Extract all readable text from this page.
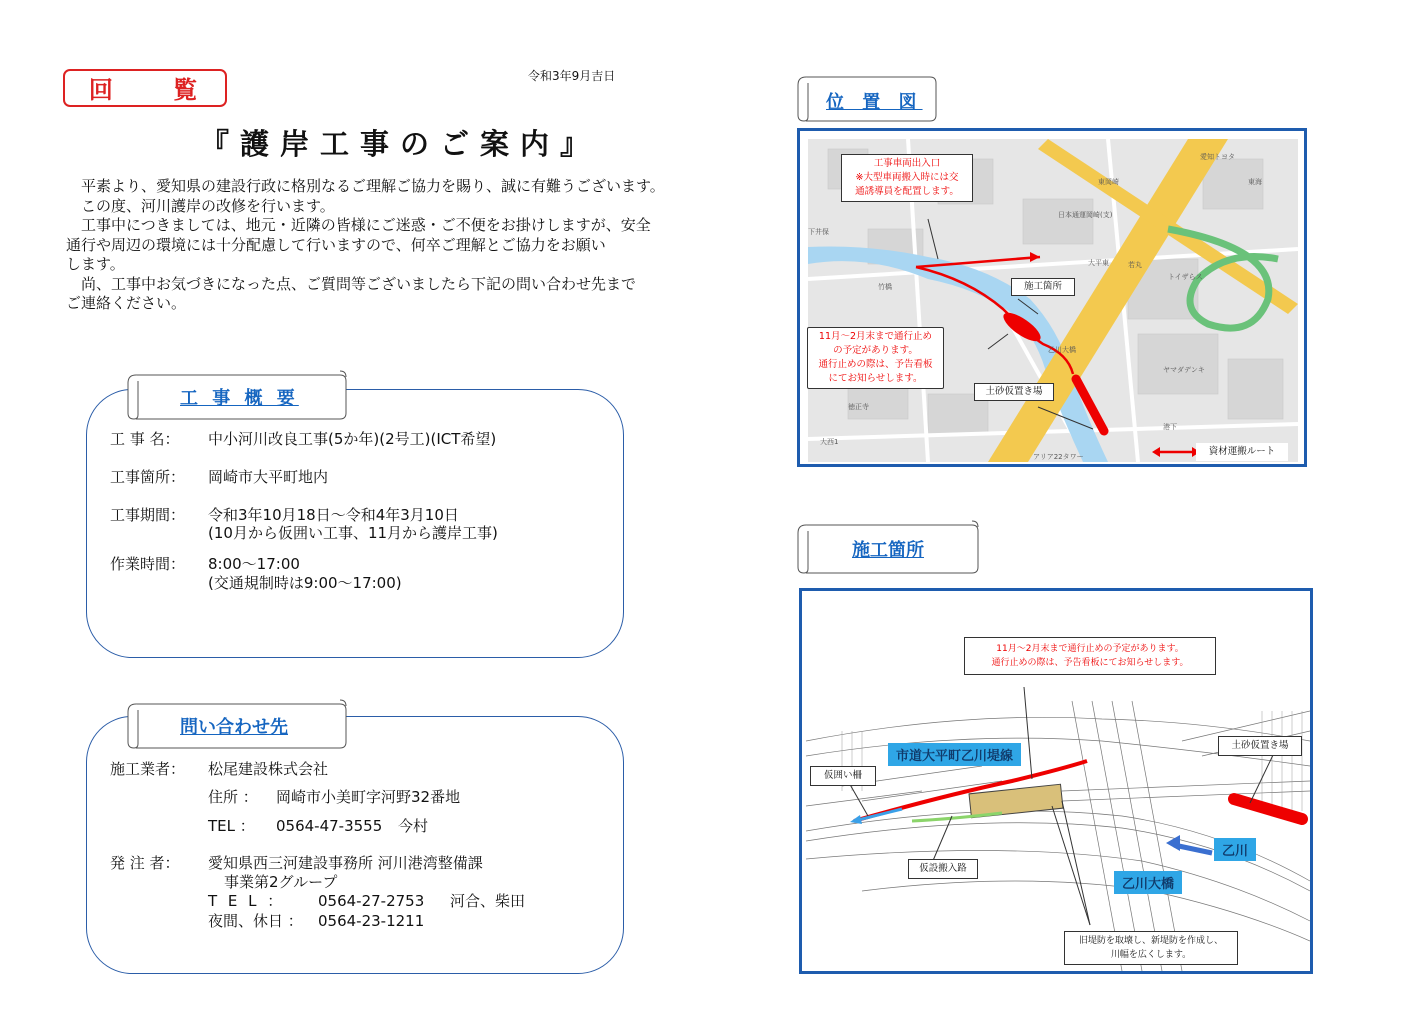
回 覧	令和3年9月吉日
『護岸工事のご案内』

平素より、愛知県の建設行政に格別なるご理解ご協力を賜り、誠に有難うございます。

この度、河川護岸の改修を行います。

工事中につきましては、地元・近隣の皆様にご迷惑・ご不便をお掛けしますが、安全

通行や周辺の環境には十分配慮して行いますので、何卒ご理解とご協力をお願い

します。

尚、工事中お気づきになった点、ご質問等ございましたら下記の問い合わせ先まで

ご連絡ください。

工 事 概 要
工 事 名： 中小河川改良工事(5か年)(2号工)(ICT希望)
工事箇所： 岡崎市大平町地内
工事期間： 令和3年10月18日～令和4年3月10日
(10月から仮囲い工事、11月から護岸工事)
作業時間： 8:00～17:00
(交通規制時は9:00～17:00)
問い合わせ先
施工業者： 松尾建設株式会社
住所 ： 岡崎市小美町字河野32番地
TEL ： 0564-47-3555 今村
発 注 者： 愛知県西三河建設事務所 河川港湾整備課
事業第2グループ
T E L ： 0564-27-2753 河合、柴田
夜間、休日 ： 0564-23-1211
位 置 図
愛知トヨタ
日本通運岡崎(支)
大平東
竹橋
乙川大橋
ヤマダデンキ
大西1
アリア22タワー
徳正寺
東岡崎
若丸
下井保
トイザらス
港下
東海
工事車両出入口
※大型車両搬入時には交
通誘導員を配置します。
施工箇所
11月～2月末まで通行止め
の予定があります。
通行止めの際は、予告看板
にてお知らせします。
土砂仮置き場
資材運搬ルート
施工箇所
11月～2月末まで通行止めの予定があります。
通行止めの際は、予告看板にてお知らせします。
市道大平町乙川堤線
仮囲い柵
土砂仮置き場
乙川
乙川大橋
仮設搬入路
旧堤防を取壊し、新堤防を作成し、
川幅を広くします。
